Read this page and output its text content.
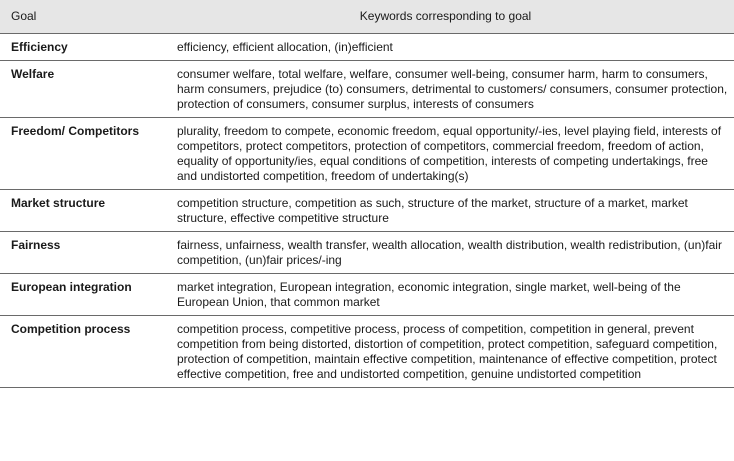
Goal	Keywords corresponding to goal
Efficiency	efficiency, efficient allocation, (in)efficient
Welfare	consumer welfare, total welfare, welfare, consumer well-being, consumer harm, harm to consumers, harm consumers, prejudice (to) consumers, detrimental to customers/ consumers, consumer protection, protection of consumers, consumer surplus, interests of consumers
Freedom/ Competitors	plurality, freedom to compete, economic freedom, equal opportunity/-ies, level playing field, interests of competitors, protect competitors, protection of competitors, commercial freedom, freedom of action, equality of opportunity/ies, equal conditions of competition, interests of competing undertakings, free and undistorted competition, freedom of undertaking(s)
Market structure	competition structure, competition as such, structure of the market, structure of a market, market structure, effective competitive structure
Fairness	fairness, unfairness, wealth transfer, wealth allocation, wealth distribution, wealth redistribution, (un)fair competition, (un)fair prices/-ing
European integration	market integration, European integration, economic integration, single market, well-being of the European Union, that common market
Competition process	competition process, competitive process, process of competition, competition in general, prevent competition from being distorted, distortion of competition, protect competition, safeguard competition, protection of competition, maintain effective competition, maintenance of effective competition, protect effective competition, free and undistorted competition, genuine undistorted competition
